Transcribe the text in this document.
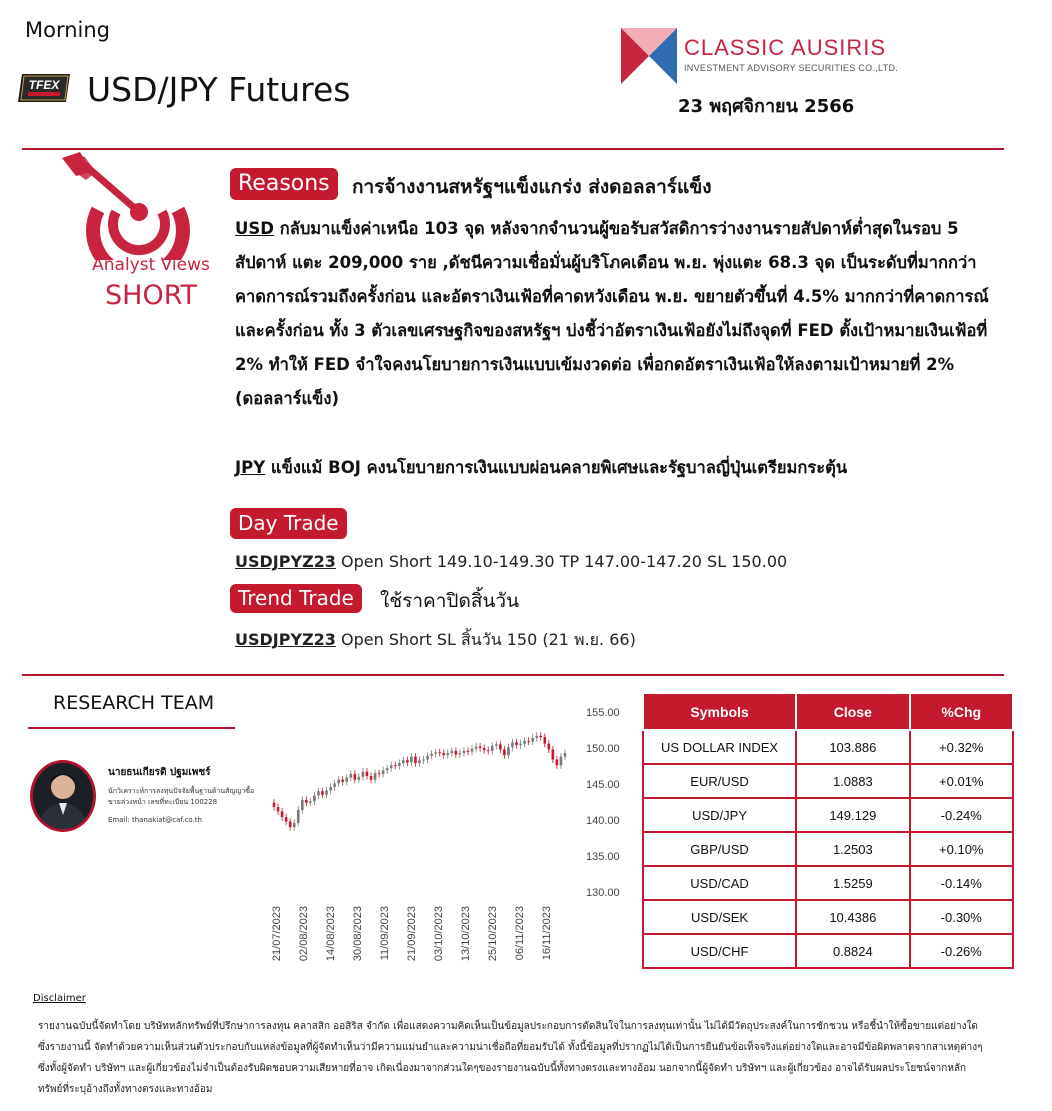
Morning
TFEX USD/JPY Futures
CLASSIC AUSIRIS
INVESTMENT ADVISORY SECURITIES CO.,LTD.
23 พฤศจิกายน 2566
Analyst Views
SHORT
Reasons	การจ้างงานสหรัฐฯแข็งแกร่ง ส่งดอลลาร์แข็ง
USD กลับมาแข็งค่าเหนือ 103 จุด หลังจากจำนวนผู้ขอรับสวัสดิการว่างงานรายสัปดาห์ต่ำสุดในรอบ 5 สัปดาห์ แตะ 209,000 ราย ,ดัชนีความเชื่อมั่นผู้บริโภคเดือน พ.ย. พุ่งแตะ 68.3 จุด เป็นระดับที่มากกว่าคาดการณ์รวมถึงครั้งก่อน และอัตราเงินเฟ้อที่คาดหวังเดือน พ.ย. ขยายตัวขึ้นที่ 4.5% มากกว่าที่คาดการณ์และครั้งก่อน ทั้ง 3 ตัวเลขเศรษฐกิจของสหรัฐฯ บ่งชี้ว่าอัตราเงินเฟ้อยังไม่ถึงจุดที่ FED ตั้งเป้าหมายเงินเฟ้อที่ 2% ทำให้ FED จำใจคงนโยบายการเงินแบบเข้มงวดต่อ เพื่อกดอัตราเงินเฟ้อให้ลงตามเป้าหมายที่ 2% (ดอลลาร์แข็ง)
JPY แข็งแม้ BOJ คงนโยบายการเงินแบบผ่อนคลายพิเศษและรัฐบาลญี่ปุ่นเตรียมกระตุ้น
Day Trade
USDJPYZ23 Open Short 149.10-149.30 TP 147.00-147.20 SL 150.00
Trend Trade	ใช้ราคาปิดสิ้นวัน
USDJPYZ23 Open Short SL สิ้นวัน 150 (21 พ.ย. 66)
RESEARCH TEAM
นายธนเกียรติ ปฐมเพชร์
นักวิเคราะห์การลงทุนปัจจัยพื้นฐานด้านสัญญาซื้อขายล่วงหน้า เลขที่ทะเบียน 100228
Email: thanakiat@caf.co.th
155.00
150.00
145.00
140.00
135.00
130.00
21/07/2023 02/08/2023 14/08/2023 30/08/2023 11/09/2023 21/09/2023 03/10/2023 13/10/2023 25/10/2023 06/11/2023 16/11/2023
Symbols	Close	%Chg
US DOLLAR INDEX	103.886	+0.32%
EUR/USD	1.0883	+0.01%
USD/JPY	149.129	-0.24%
GBP/USD	1.2503	+0.10%
USD/CAD	1.5259	-0.14%
USD/SEK	10.4386	-0.30%
USD/CHF	0.8824	-0.26%
Disclaimer
รายงานฉบับนี้จัดทำโดย บริษัทหลักทรัพย์ที่ปรึกษาการลงทุน คลาสสิก ออสิริส จำกัด เพื่อแสดงความคิดเห็นเป็นข้อมูลประกอบการตัดสินใจในการลงทุนเท่านั้น ไม่ได้มีวัตถุประสงค์ในการชักชวน หรือชี้นำให้ซื้อขายแต่อย่างใด ซึ่งรายงานนี้ จัดทำด้วยความเห็นส่วนตัวประกอบกับแหล่งข้อมูลที่ผู้จัดทำเห็นว่ามีความแม่นยำและความน่าเชื่อถือที่ยอมรับได้ ทั้งนี้ข้อมูลที่ปรากฏไม่ได้เป็นการยืนยันข้อเท็จจริงแต่อย่างใดและอาจมีข้อผิดพลาดจากสาเหตุต่างๆ ซึ่งทั้งผู้จัดทำ บริษัทฯ และผู้เกี่ยวข้องไม่จำเป็นต้องรับผิดชอบความเสียหายที่อาจ เกิดเนื่องมาจากส่วนใดๆของรายงานฉบับนี้ทั้งทางตรงและทางอ้อม นอกจากนี้ผู้จัดทำ บริษัทฯ และผู้เกี่ยวข้อง อาจได้รับผลประโยชน์จากหลักทรัพย์ที่ระบุอ้างถึงทั้งทางตรงและทางอ้อม
